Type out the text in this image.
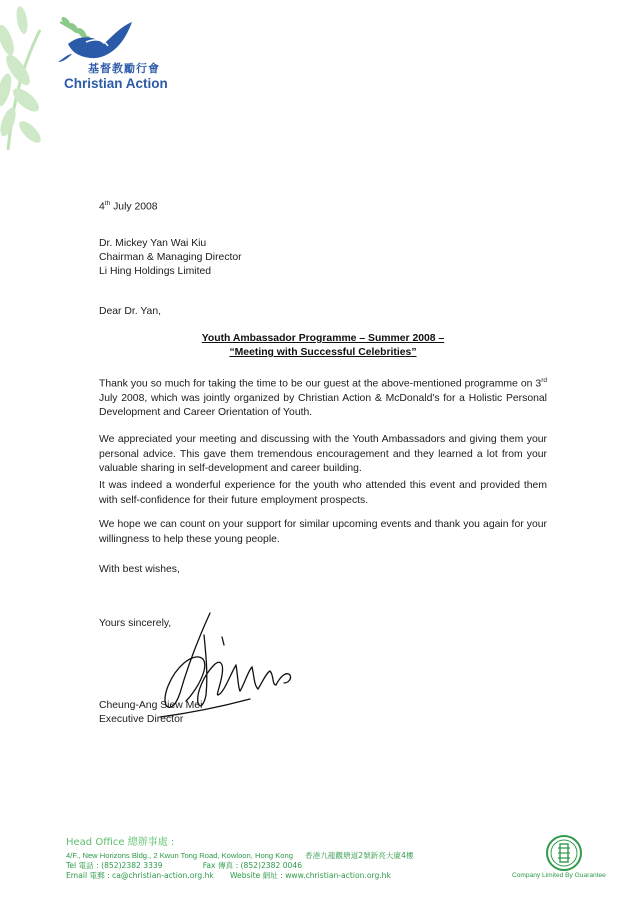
基督教勵行會
Christian Action
4th July 2008
Dr. Mickey Yan Wai Kiu
Chairman & Managing Director
Li Hing Holdings Limited
Dear Dr. Yan,
Youth Ambassador Programme – Summer 2008 –
“Meeting with Successful Celebrities”
Thank you so much for taking the time to be our guest at the above-mentioned programme on 3rd July 2008, which was jointly organized by Christian Action & McDonald's for a Holistic Personal Development and Career Orientation of Youth.
We appreciated your meeting and discussing with the Youth Ambassadors and giving them your personal advice. This gave them tremendous encouragement and they learned a lot from your valuable sharing in self-development and career building.
It was indeed a wonderful experience for the youth who attended this event and provided them with self-confidence for their future employment prospects.
We hope we can count on your support for similar upcoming events and thank you again for your willingness to help these young people.
With best wishes,
Yours sincerely,
Cheung-Ang Siew Mei
Executive Director
Head Office 總辦事處 :
4/F., New Horizons Bldg., 2 Kwun Tong Road, Kowloon, Hong Kong 香港九龍觀塘道2號新亮大廈4樓
Tel 電話 : (852)2382 3339	Fax 傳真 : (852)2382 0046
Email 電郵 : ca@christian-action.org.hk Website 網址 : www.christian-action.org.hk	Company Limited By Guarantee
